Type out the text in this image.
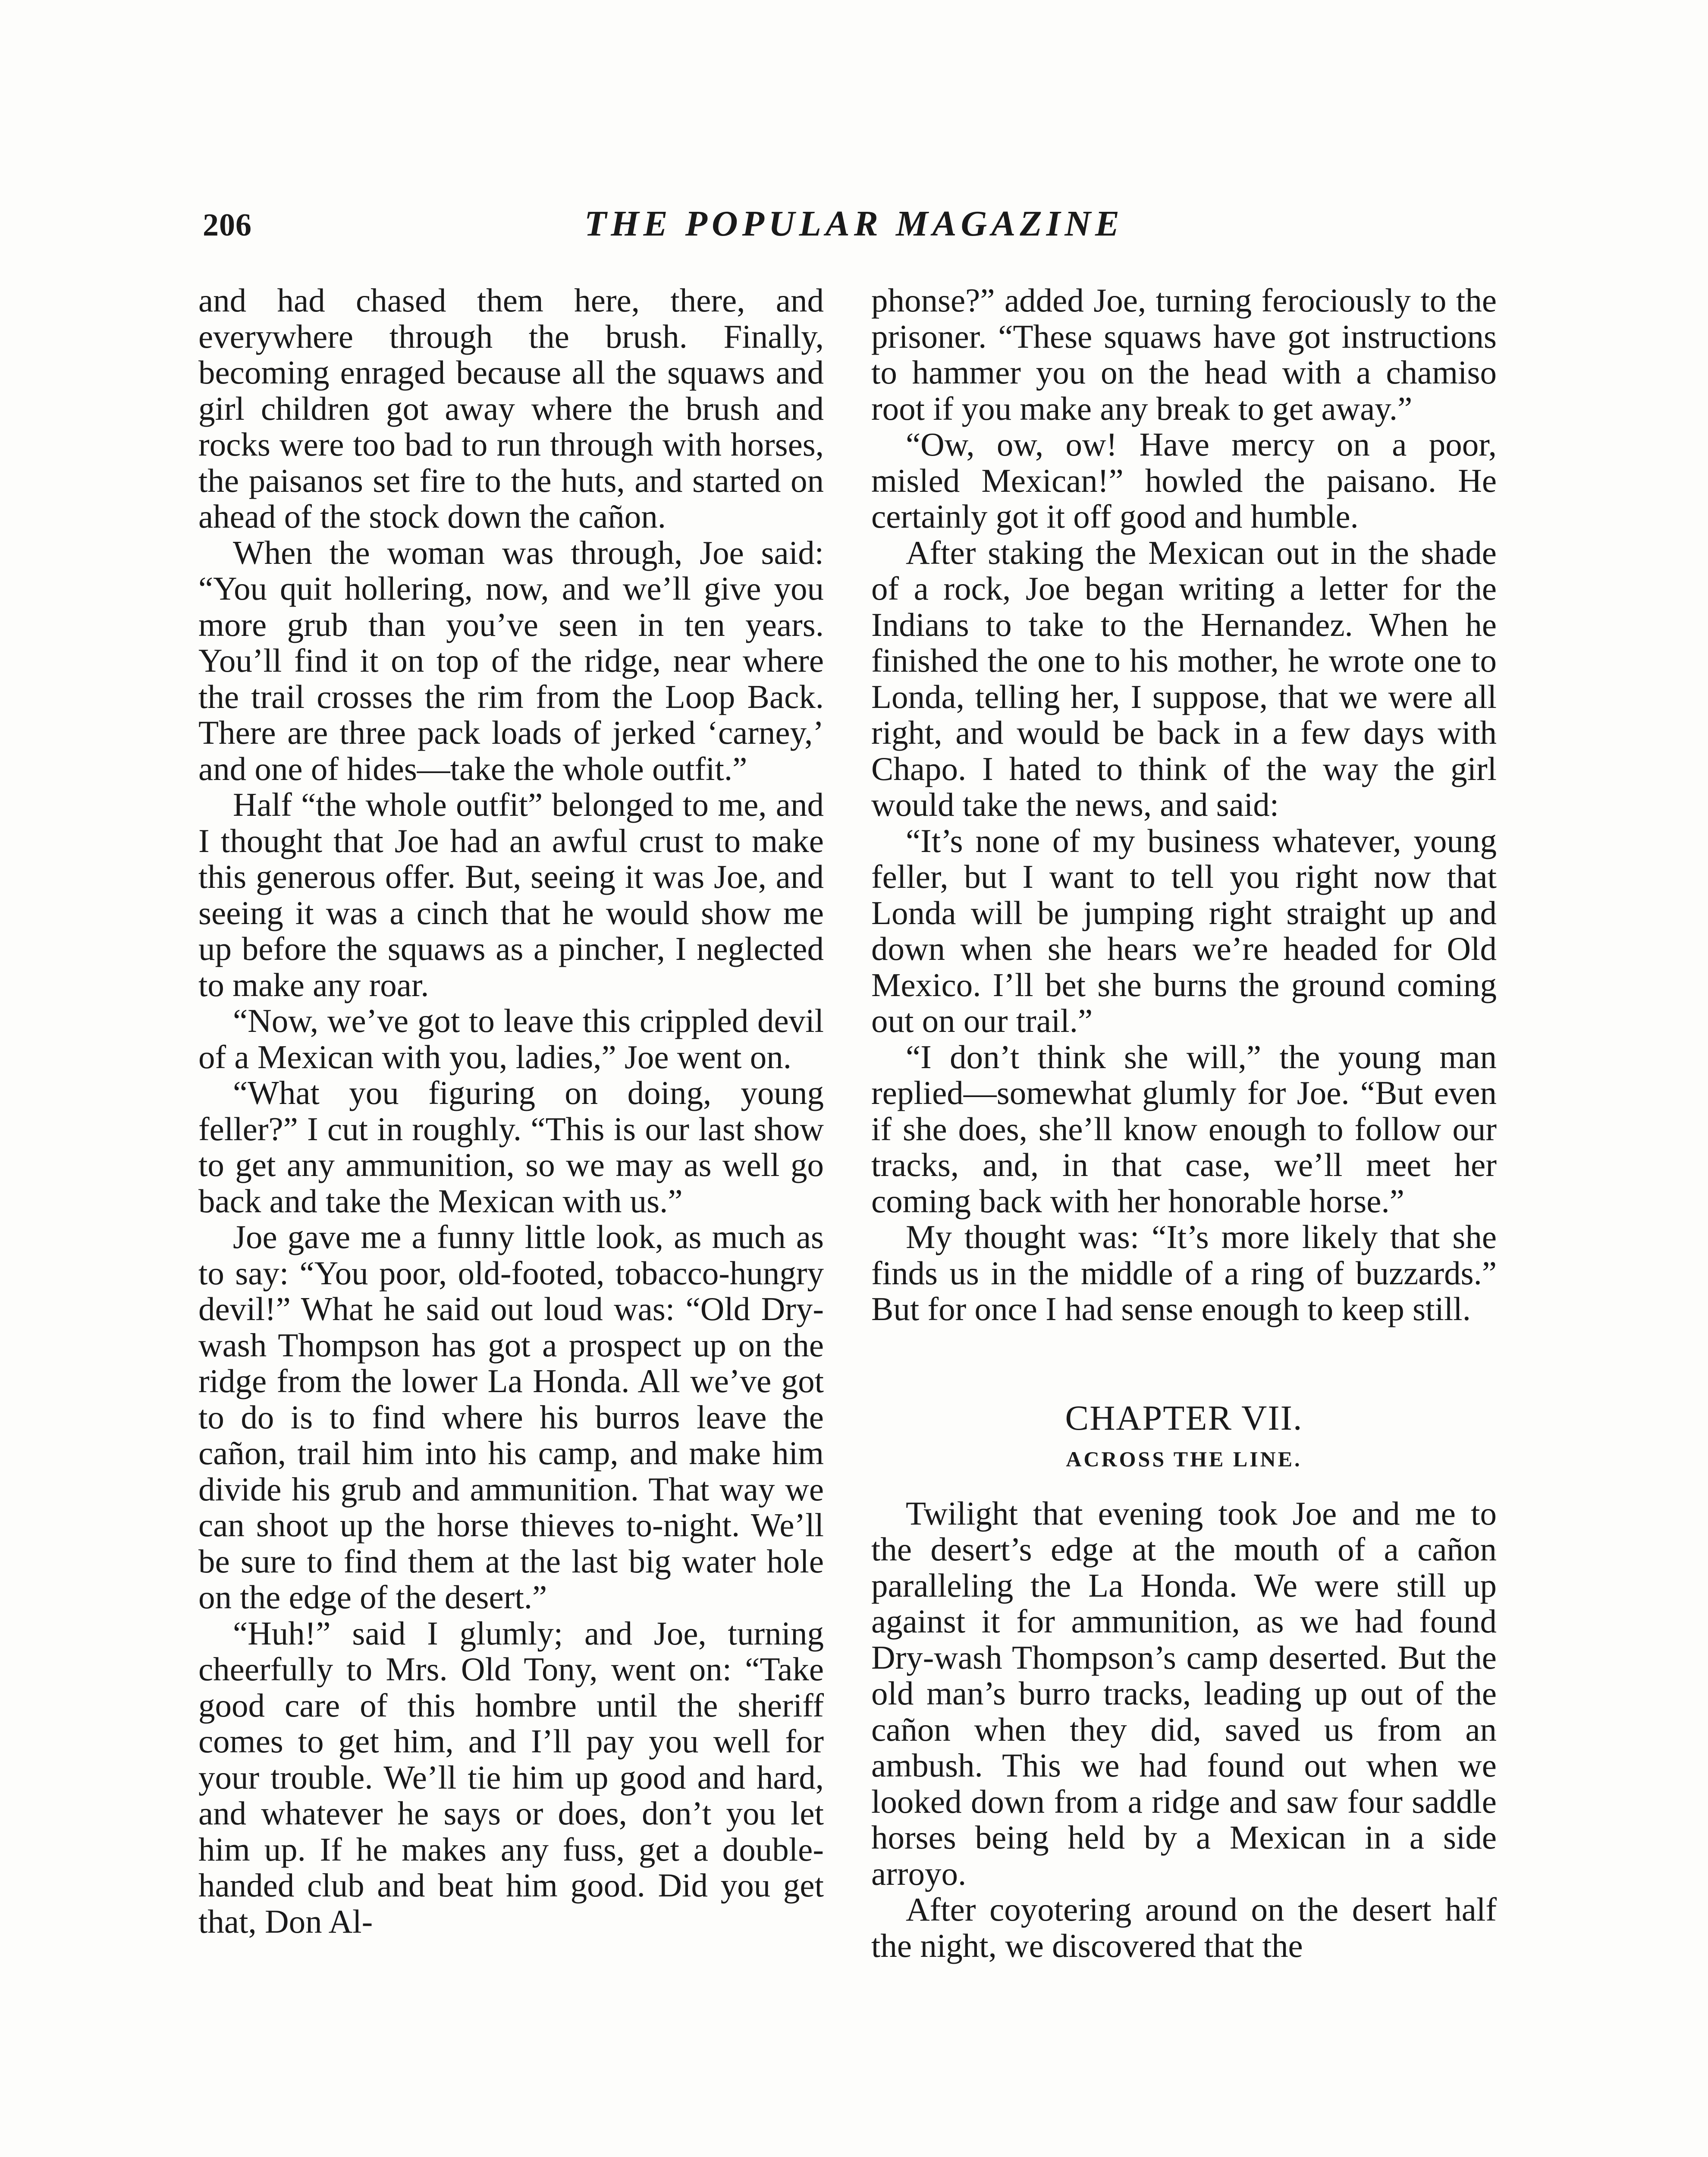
206	THE POPULAR MAGAZINE

and had chased them here, there, and everywhere through the brush. Finally, becoming enraged because all the squaws and girl children got away where the brush and rocks were too bad to run through with horses, the paisanos set fire to the huts, and started on ahead of the stock down the cañon.

When the woman was through, Joe said: “You quit hollering, now, and we’ll give you more grub than you’ve seen in ten years. You’ll find it on top of the ridge, near where the trail crosses the rim from the Loop Back. There are three pack loads of jerked ‘carney,’ and one of hides—take the whole outfit.”

Half “the whole outfit” belonged to me, and I thought that Joe had an awful crust to make this generous offer. But, seeing it was Joe, and seeing it was a cinch that he would show me up before the squaws as a pincher, I neglected to make any roar.

“Now, we’ve got to leave this crippled devil of a Mexican with you, ladies,” Joe went on.

“What you figuring on doing, young feller?” I cut in roughly. “This is our last show to get any ammunition, so we may as well go back and take the Mexican with us.”

Joe gave me a funny little look, as much as to say: “You poor, old-footed, tobacco-hungry devil!” What he said out loud was: “Old Dry-wash Thompson has got a prospect up on the ridge from the lower La Honda. All we’ve got to do is to find where his burros leave the cañon, trail him into his camp, and make him divide his grub and ammunition. That way we can shoot up the horse thieves to-night. We’ll be sure to find them at the last big water hole on the edge of the desert.”

“Huh!” said I glumly; and Joe, turning cheerfully to Mrs. Old Tony, went on: “Take good care of this hombre until the sheriff comes to get him, and I’ll pay you well for your trouble. We’ll tie him up good and hard, and whatever he says or does, don’t you let him up. If he makes any fuss, get a double-handed club and beat him good. Did you get that, Don Al-

phonse?” added Joe, turning ferociously to the prisoner. “These squaws have got instructions to hammer you on the head with a chamiso root if you make any break to get away.”

“Ow, ow, ow! Have mercy on a poor, misled Mexican!” howled the paisano. He certainly got it off good and humble.

After staking the Mexican out in the shade of a rock, Joe began writing a letter for the Indians to take to the Hernandez. When he finished the one to his mother, he wrote one to Londa, telling her, I suppose, that we were all right, and would be back in a few days with Chapo. I hated to think of the way the girl would take the news, and said:

“It’s none of my business whatever, young feller, but I want to tell you right now that Londa will be jumping right straight up and down when she hears we’re headed for Old Mexico. I’ll bet she burns the ground coming out on our trail.”

“I don’t think she will,” the young man replied—somewhat glumly for Joe. “But even if she does, she’ll know enough to follow our tracks, and, in that case, we’ll meet her coming back with her honorable horse.”

My thought was: “It’s more likely that she finds us in the middle of a ring of buzzards.” But for once I had sense enough to keep still.

CHAPTER VII.
ACROSS THE LINE.

Twilight that evening took Joe and me to the desert’s edge at the mouth of a cañon paralleling the La Honda. We were still up against it for ammunition, as we had found Dry-wash Thompson’s camp deserted. But the old man’s burro tracks, leading up out of the cañon when they did, saved us from an ambush. This we had found out when we looked down from a ridge and saw four saddle horses being held by a Mexican in a side arroyo.

After coyotering around on the desert half the night, we discovered that the
